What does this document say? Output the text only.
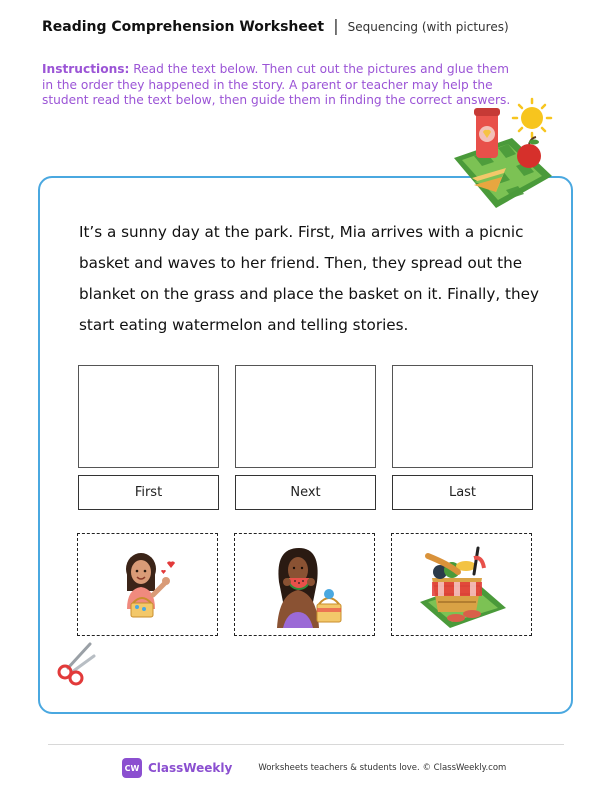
Reading Comprehension Worksheet | Sequencing (with pictures)
Instructions: Read the text below. Then cut out the pictures and glue them in the order they happened in the story. A parent or teacher may help the student read the text below, then guide them in finding the correct answers.
It’s a sunny day at the park. First, Mia arrives with a picnic basket and waves to her friend. Then, they spread out the blanket on the grass and place the basket on it. Finally, they start eating watermelon and telling stories.
First	Next	Last
CW ClassWeekly	Worksheets teachers & students love. © ClassWeekly.com
